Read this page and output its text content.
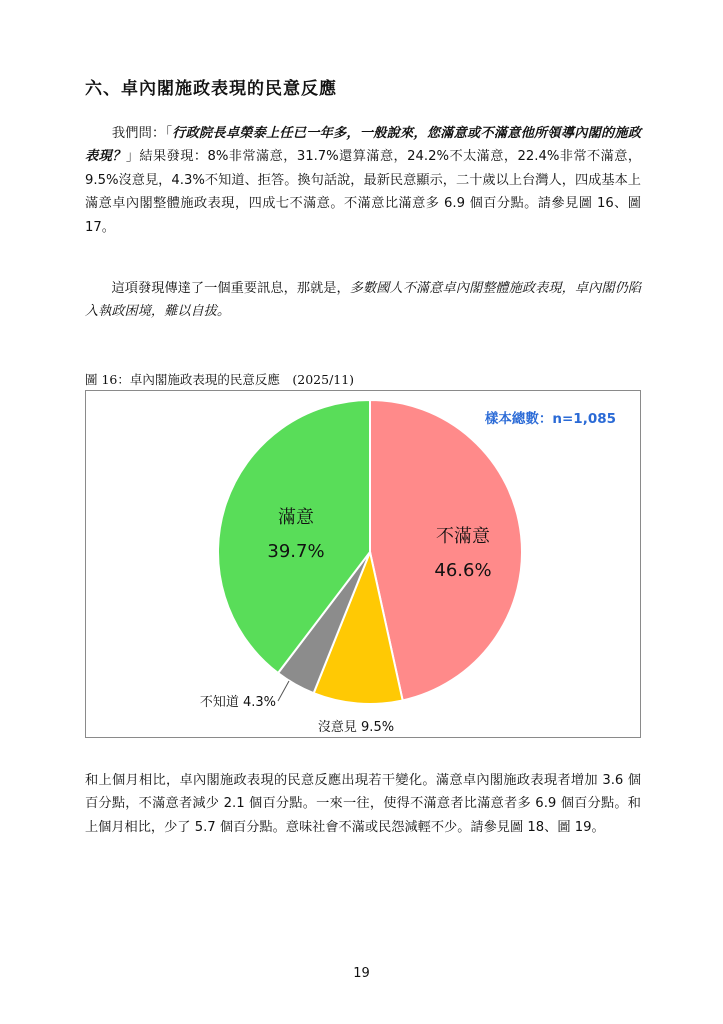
六、卓內閣施政表現的民意反應

　　我們問：「行政院長卓榮泰上任已一年多，一般說來，您滿意或不滿意他所領導內閣的施政表現？」結果發現：8%非常滿意，31.7%還算滿意，24.2%不太滿意，22.4%非常不滿意，9.5%沒意見，4.3%不知道、拒答。換句話說，最新民意顯示，二十歲以上台灣人，四成基本上滿意卓內閣整體施政表現，四成七不滿意。不滿意比滿意多 6.9 個百分點。請參見圖 16、圖 17。

　　這項發現傳達了一個重要訊息，那就是，多數國人不滿意卓內閣整體施政表現，卓內閣仍陷入執政困境，難以自拔。

圖 16：卓內閣施政表現的民意反應　(2025/11)

不滿意
46.6%
沒意見 9.5%
不知道 4.3%
滿意
39.7%

樣本總數：n=1,085

和上個月相比，卓內閣施政表現的民意反應出現若干變化。滿意卓內閣施政表現者增加 3.6 個百分點，不滿意者減少 2.1 個百分點。一來一往，使得不滿意者比滿意者多 6.9 個百分點。和上個月相比，少了 5.7 個百分點。意味社會不滿或民怨減輕不少。請參見圖 18、圖 19。

19
